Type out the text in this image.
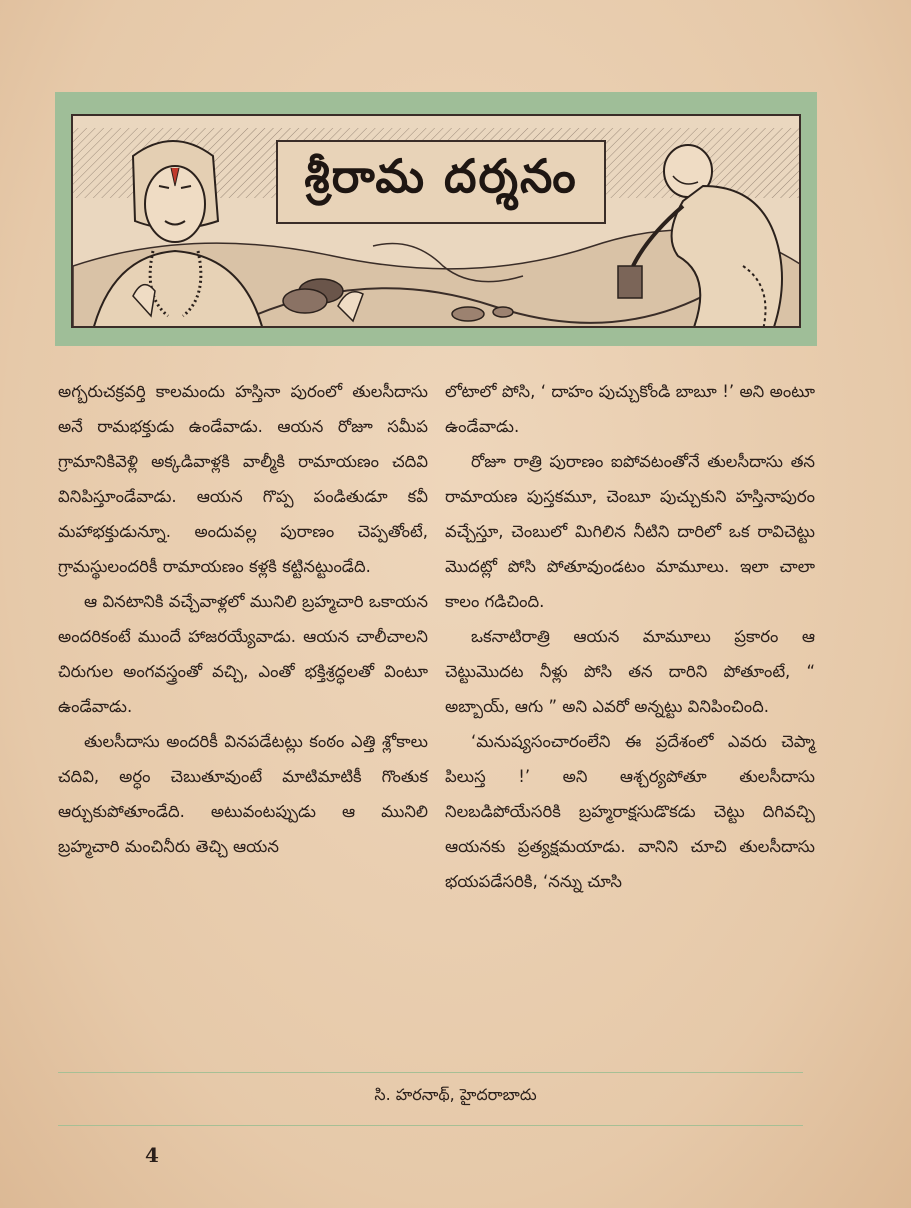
శ్రీరామ దర్శనం

అగ్బరుచక్రవర్తి కాలమందు హస్తినా పురంలో తులసీదాసు అనే రామభక్తుడు ఉండేవాడు. ఆయన రోజూ సమీప గ్రామానికివెళ్లి అక్కడివాళ్లకి వాల్మీకి రామాయణం చదివి వినిపిస్తూండేవాడు. ఆయన గొప్ప పండితుడూ కవీ మహాభక్తుడున్నూ. అందువల్ల పురాణం చెప్పతోంటే, గ్రామస్థులందరికీ రామాయణం కళ్లకి కట్టినట్టుండేది.

ఆ వినటానికి వచ్చేవాళ్లలో మునిలి బ్రహ్మచారి ఒకాయన అందరికంటే ముందే హాజరయ్యేవాడు. ఆయన చాలీచాలని చిరుగుల అంగవస్త్రంతో వచ్చి, ఎంతో భక్తిశ్రద్ధలతో వింటూ ఉండేవాడు.

తులసీదాసు అందరికీ వినపడేటట్లు కంఠం ఎత్తి శ్లోకాలు చదివి, అర్ధం చెబుతూవుంటే మాటిమాటికీ గొంతుక ఆర్చుకుపోతూండేది. అటువంటప్పుడు ఆ మునిలి బ్రహ్మచారి మంచినీరు తెచ్చి ఆయన

లోటాలో పోసి, ‘ దాహం పుచ్చుకోండి బాబూ !’ అని అంటూ ఉండేవాడు.

రోజూ రాత్రి పురాణం ఐపోవటంతోనే తులసీదాసు తన రామాయణ పుస్తకమూ, చెంబూ పుచ్చుకుని హస్తినాపురం వచ్చేస్తూ, చెంబులో మిగిలిన నీటిని దారిలో ఒక రావిచెట్టు మొదట్లో పోసి పోతూవుండటం మామూలు. ఇలా చాలా కాలం గడిచింది.

ఒకనాటిరాత్రి ఆయన మామూలు ప్రకారం ఆ చెట్టుమొదట నీళ్లు పోసి తన దారిని పోతూంటే, “ అబ్బాయ్, ఆగు ” అని ఎవరో అన్నట్టు వినిపించింది.

‘మనుష్యసంచారంలేని ఈ ప్రదేశంలో ఎవరు చెప్మా పిలుస్త !’ అని ఆశ్చర్యపోతూ తులసీదాసు నిలబడిపోయేసరికి బ్రహ్మరాక్షసుడొకడు చెట్టు దిగివచ్చి ఆయనకు ప్రత్యక్షమయాడు. వానిని చూచి తులసీదాసు భయపడేసరికి, ‘నన్ను చూసి

సి. హరనాథ్, హైదరాబాదు
4
